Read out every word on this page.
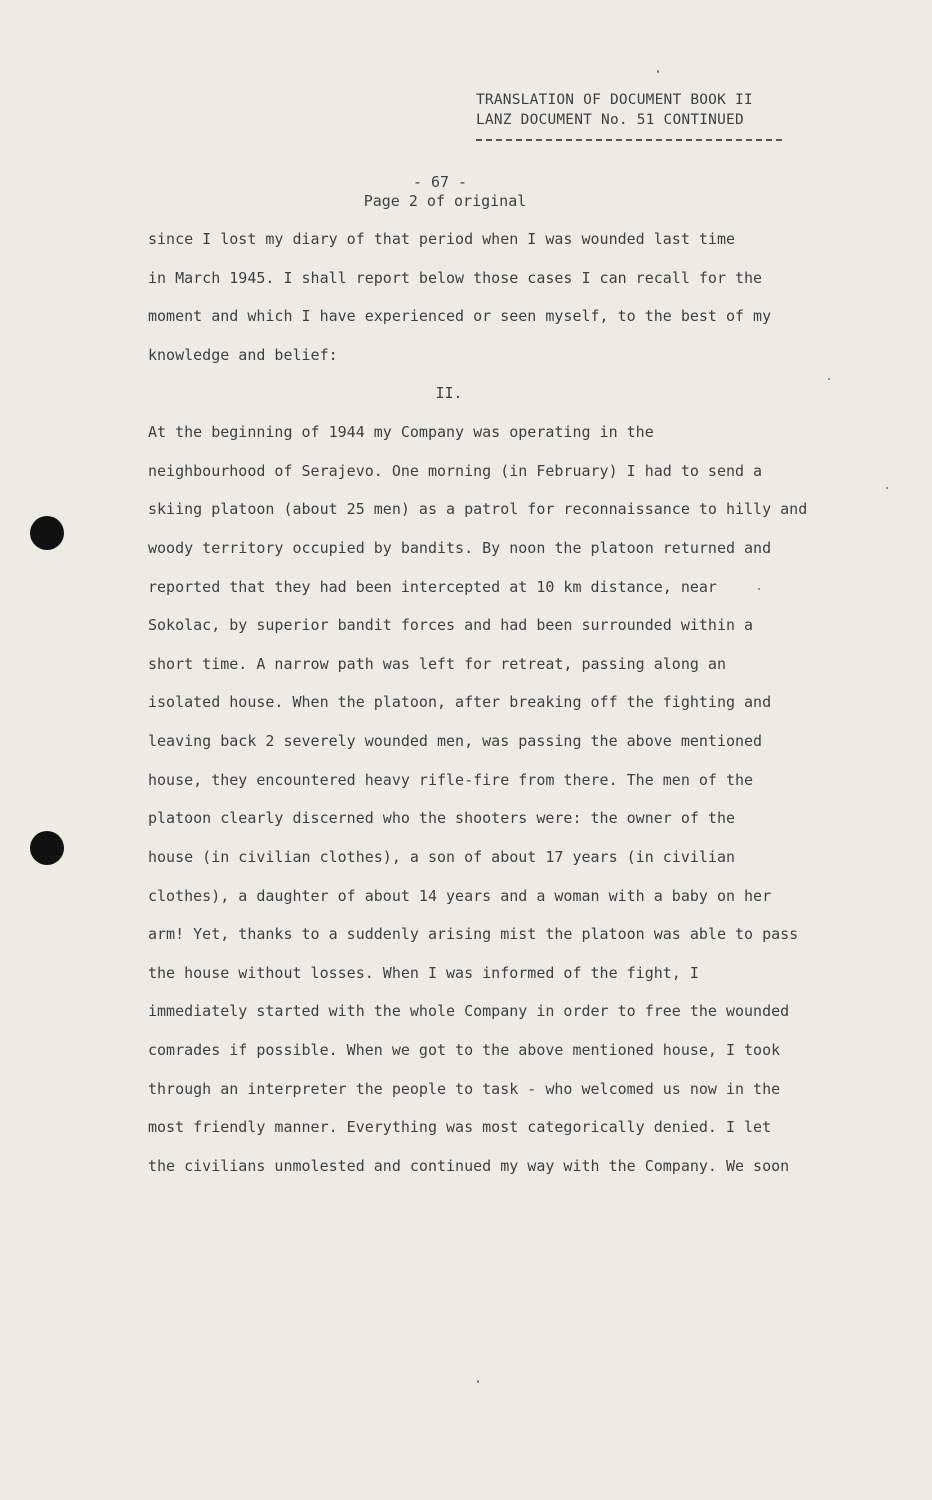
TRANSLATION OF DOCUMENT BOOK II
LANZ DOCUMENT No. 51 CONTINUED
- 67 -
Page 2 of original
since I lost my diary of that period when I was wounded last time
in March 1945. I shall report below those cases I can recall for the
moment and which I have experienced or seen myself, to the best of my
knowledge and belief:
II.
At the beginning of 1944 my Company was operating in the
neighbourhood of Serajevo. One morning (in February) I had to send a
skiing platoon (about 25 men) as a patrol for reconnaissance to hilly and
woody territory occupied by bandits. By noon the platoon returned and
reported that they had been intercepted at 10 km distance, near
Sokolac, by superior bandit forces and had been surrounded within a
short time. A narrow path was left for retreat, passing along an
isolated house. When the platoon, after breaking off the fighting and
leaving back 2 severely wounded men, was passing the above mentioned
house, they encountered heavy rifle-fire from there. The men of the
platoon clearly discerned who the shooters were: the owner of the
house (in civilian clothes), a son of about 17 years (in civilian
clothes), a daughter of about 14 years and a woman with a baby on her
arm! Yet, thanks to a suddenly arising mist the platoon was able to pass
the house without losses. When I was informed of the fight, I
immediately started with the whole Company in order to free the wounded
comrades if possible. When we got to the above mentioned house, I took
through an interpreter the people to task - who welcomed us now in the
most friendly manner. Everything was most categorically denied. I let
the civilians unmolested and continued my way with the Company. We soon
